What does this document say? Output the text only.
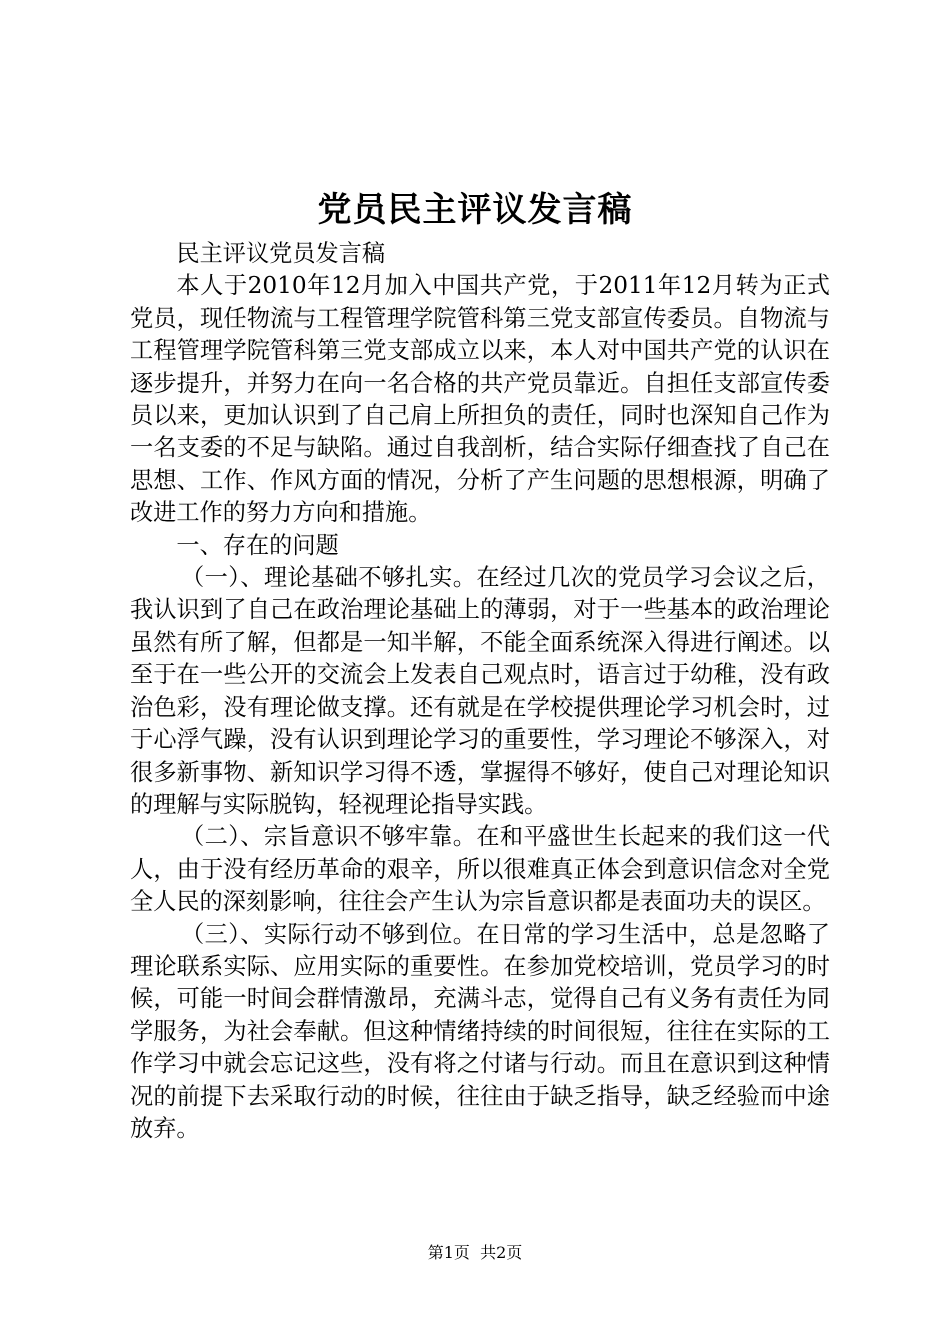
党员民主评议发言稿

民主评议党员发言稿

本人于2010年12月加入中国共产党，于2011年12月转为正式党员，现任物流与工程管理学院管科第三党支部宣传委员。自物流与工程管理学院管科第三党支部成立以来，本人对中国共产党的认识在逐步提升，并努力在向一名合格的共产党员靠近。自担任支部宣传委员以来，更加认识到了自己肩上所担负的责任，同时也深知自己作为一名支委的不足与缺陷。通过自我剖析，结合实际仔细查找了自己在思想、工作、作风方面的情况，分析了产生问题的思想根源，明确了改进工作的努力方向和措施。

一、存在的问题

（一）、理论基础不够扎实。在经过几次的党员学习会议之后，我认识到了自己在政治理论基础上的薄弱，对于一些基本的政治理论虽然有所了解，但都是一知半解，不能全面系统深入得进行阐述。以至于在一些公开的交流会上发表自己观点时，语言过于幼稚，没有政治色彩，没有理论做支撑。还有就是在学校提供理论学习机会时，过于心浮气躁，没有认识到理论学习的重要性，学习理论不够深入，对很多新事物、新知识学习得不透，掌握得不够好，使自己对理论知识的理解与实际脱钩，轻视理论指导实践。

（二）、宗旨意识不够牢靠。在和平盛世生长起来的我们这一代人，由于没有经历革命的艰辛，所以很难真正体会到意识信念对全党全人民的深刻影响，往往会产生认为宗旨意识都是表面功夫的误区。

（三）、实际行动不够到位。在日常的学习生活中，总是忽略了理论联系实际、应用实际的重要性。在参加党校培训，党员学习的时候，可能一时间会群情激昂，充满斗志，觉得自己有义务有责任为同学服务，为社会奉献。但这种情绪持续的时间很短，往往在实际的工作学习中就会忘记这些，没有将之付诸与行动。而且在意识到这种情况的前提下去采取行动的时候，往往由于缺乏指导，缺乏经验而中途放弃。

第1页  共2页
